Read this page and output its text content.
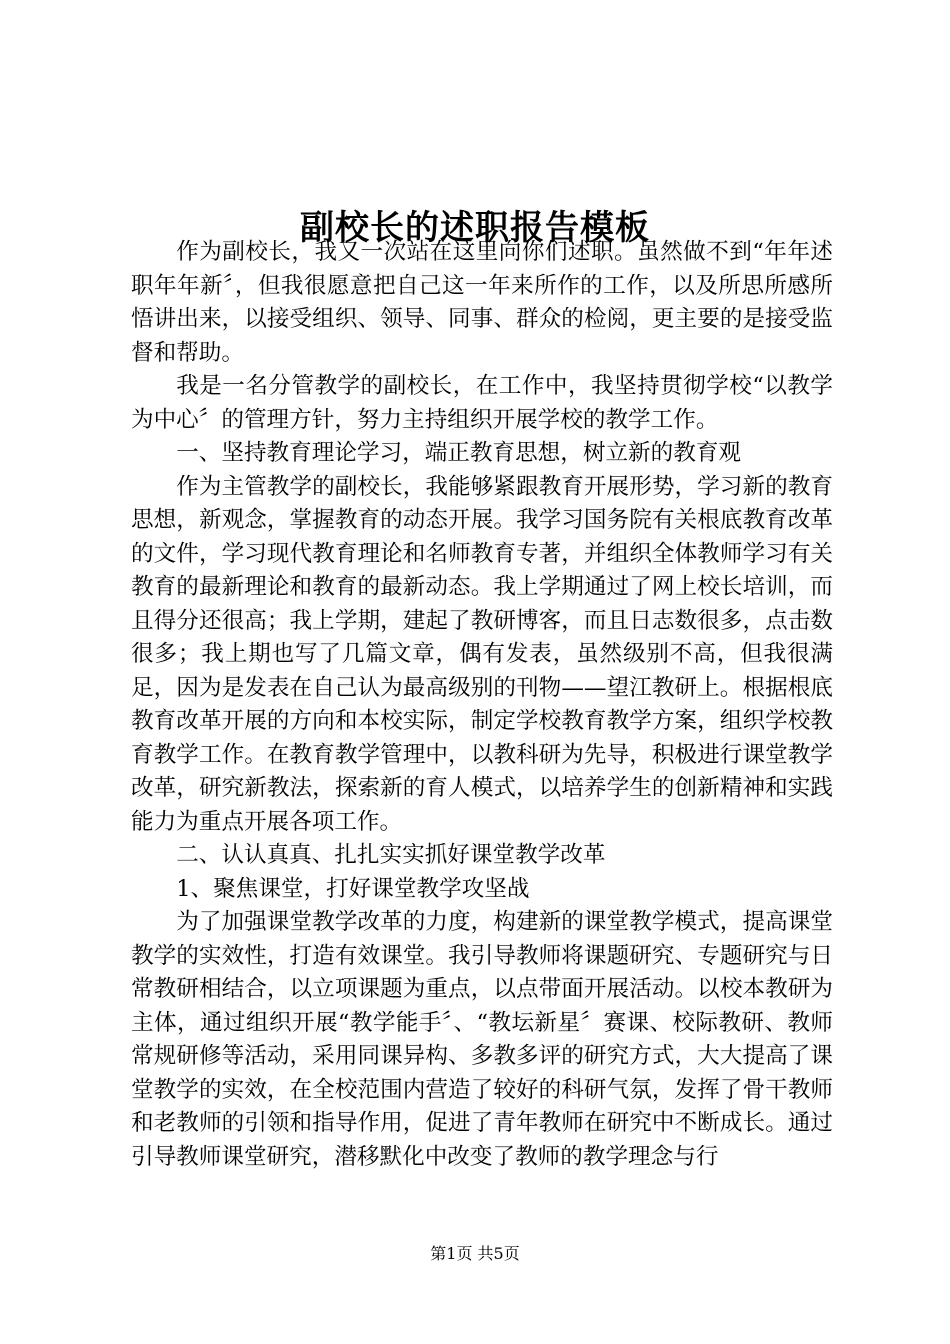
副校长的述职报告模板

作为副校长，我又一次站在这里向你们述职。虽然做不到“年年述职年年新〞，但我很愿意把自己这一年来所作的工作，以及所思所感所悟讲出来，以接受组织、领导、同事、群众的检阅，更主要的是接受监督和帮助。

我是一名分管教学的副校长，在工作中，我坚持贯彻学校“以教学为中心〞的管理方针，努力主持组织开展学校的教学工作。

一、坚持教育理论学习，端正教育思想，树立新的教育观

作为主管教学的副校长，我能够紧跟教育开展形势，学习新的教育思想，新观念，掌握教育的动态开展。我学习国务院有关根底教育改革的文件，学习现代教育理论和名师教育专著，并组织全体教师学习有关教育的最新理论和教育的最新动态。我上学期通过了网上校长培训，而且得分还很高；我上学期，建起了教研博客，而且日志数很多，点击数很多；我上期也写了几篇文章，偶有发表，虽然级别不高，但我很满足，因为是发表在自己认为最高级别的刊物——望江教研上。根据根底教育改革开展的方向和本校实际，制定学校教育教学方案，组织学校教育教学工作。在教育教学管理中，以教科研为先导，积极进行课堂教学改革，研究新教法，探索新的育人模式，以培养学生的创新精神和实践能力为重点开展各项工作。

二、认认真真、扎扎实实抓好课堂教学改革

1、聚焦课堂，打好课堂教学攻坚战

为了加强课堂教学改革的力度，构建新的课堂教学模式，提高课堂教学的实效性，打造有效课堂。我引导教师将课题研究、专题研究与日常教研相结合，以立项课题为重点，以点带面开展活动。以校本教研为主体，通过组织开展“教学能手〞、“教坛新星〞赛课、校际教研、教师常规研修等活动，采用同课异构、多教多评的研究方式，大大提高了课堂教学的实效，在全校范围内营造了较好的科研气氛，发挥了骨干教师和老教师的引领和指导作用，促进了青年教师在研究中不断成长。通过引导教师课堂研究，潜移默化中改变了教师的教学理念与行

第1页 共5页
